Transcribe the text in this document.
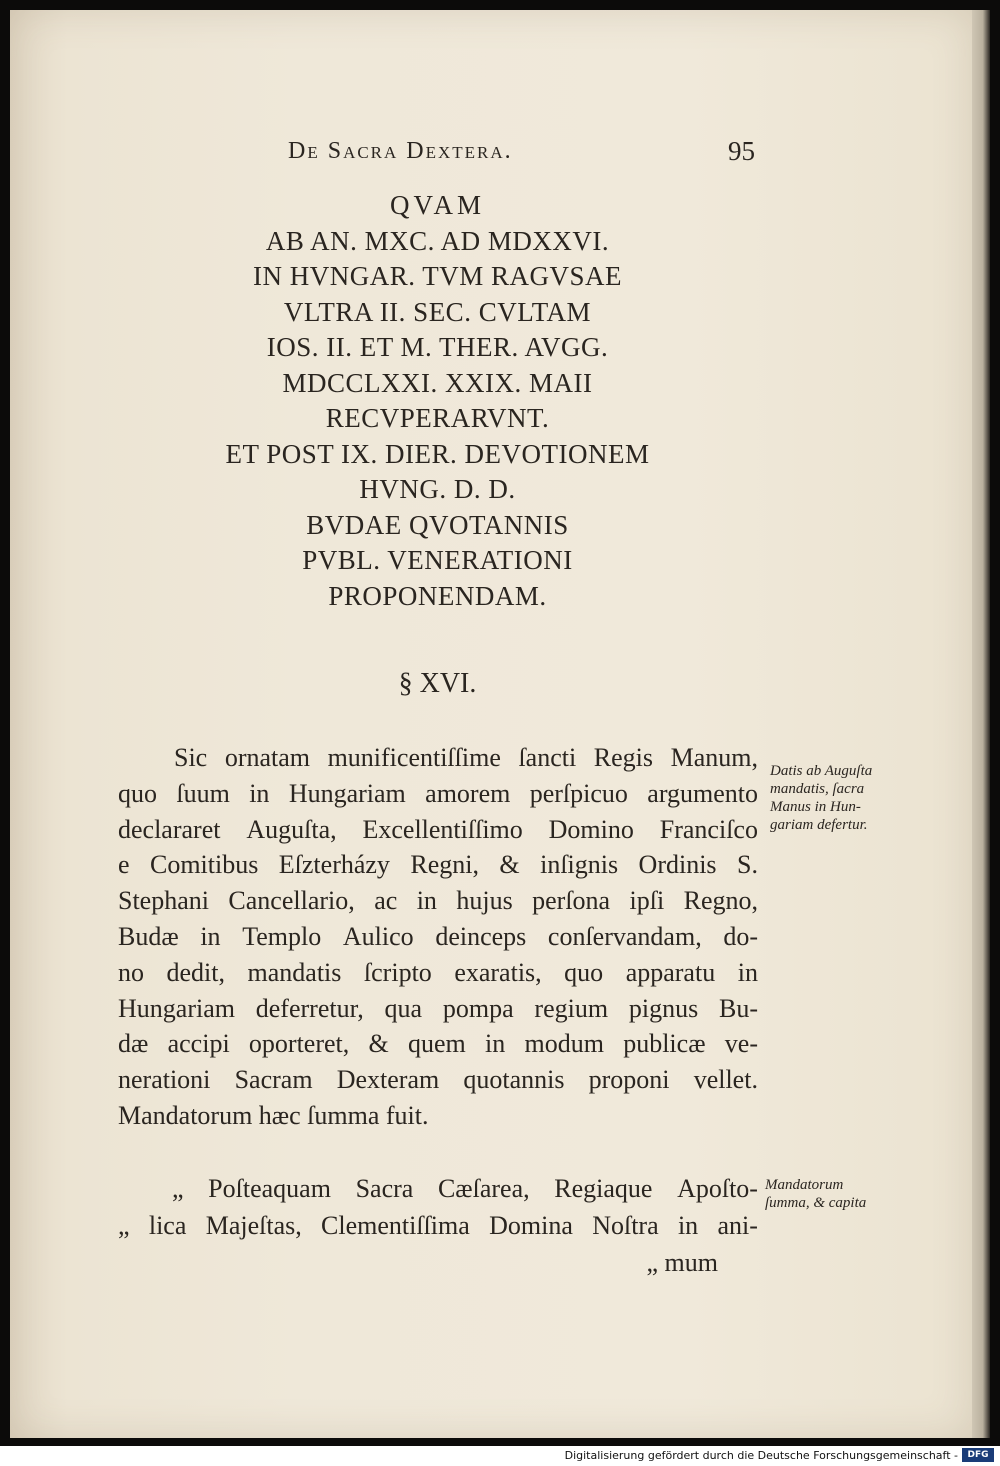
De Sacra Dextera.	95
QVAM
AB AN. MXC. AD MDXXVI.
IN HVNGAR. TVM RAGVSAE
VLTRA II. SEC. CVLTAM
IOS. II. ET M. THER. AVGG.
MDCCLXXI. XXIX. MAII
RECVPERARVNT.
ET POST IX. DIER. DEVOTIONEM
HVNG. D. D.
BVDAE QVOTANNIS
PVBL. VENERATIONI
PROPONENDAM.
§ XVI.
Sic ornatam munificentiſſime ſancti Regis Manum,
quo ſuum in Hungariam amorem perſpicuo argumento
declararet Auguſta, Excellentiſſimo Domino Franciſco
e Comitibus Eſzterházy Regni, & inſignis Ordinis S.
Stephani Cancellario, ac in hujus perſona ipſi Regno,
Budæ in Templo Aulico deinceps conſervandam, do-
no dedit, mandatis ſcripto exaratis, quo apparatu in
Hungariam deferretur, qua pompa regium pignus Bu-
dæ accipi oporteret, & quem in modum publicæ ve-
nerationi Sacram Dexteram quotannis proponi vellet.
Mandatorum hæc ſumma fuit.
„ Poſteaquam Sacra Cæſarea, Regiaque Apoſto-
„ lica Majeſtas, Clementiſſima Domina Noſtra in ani-
„ mum
Datis ab Auguſta
mandatis, ſacra
Manus in Hun-
gariam defertur.
Mandatorum
ſumma, & capita
Digitalisierung gefördert durch die Deutsche Forschungsgemeinschaft -	DFG
